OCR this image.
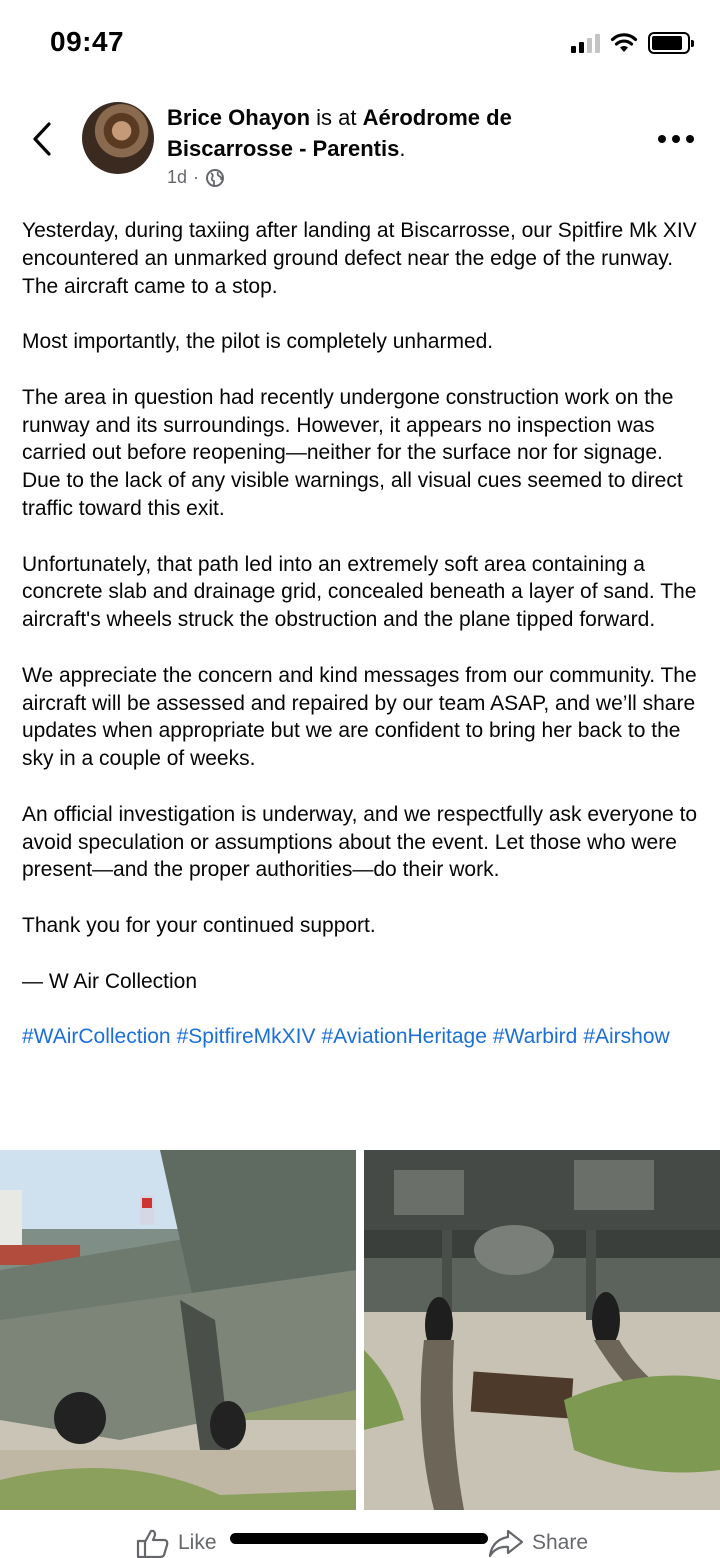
09:47
Brice Ohayon is at Aérodrome de Biscarrosse - Parentis.
1d ·

Yesterday, during taxiing after landing at Biscarrosse, our Spitfire Mk XIV encountered an unmarked ground defect near the edge of the runway. The aircraft came to a stop.

Most importantly, the pilot is completely unharmed.

The area in question had recently undergone construction work on the runway and its surroundings. However, it appears no inspection was carried out before reopening—neither for the surface nor for signage. Due to the lack of any visible warnings, all visual cues seemed to direct traffic toward this exit.

Unfortunately, that path led into an extremely soft area containing a concrete slab and drainage grid, concealed beneath a layer of sand. The aircraft's wheels struck the obstruction and the plane tipped forward.

We appreciate the concern and kind messages from our community. The aircraft will be assessed and repaired by our team ASAP, and we’ll share updates when appropriate but we are confident to bring her back to the sky in a couple of weeks.

An official investigation is underway, and we respectfully ask everyone to avoid speculation or assumptions about the event. Let those who were present—and the proper authorities—do their work.

Thank you for your continued support.

— W Air Collection

#WAirCollection #SpitfireMkXIV #AviationHeritage #Warbird #Airshow
Like	Share
